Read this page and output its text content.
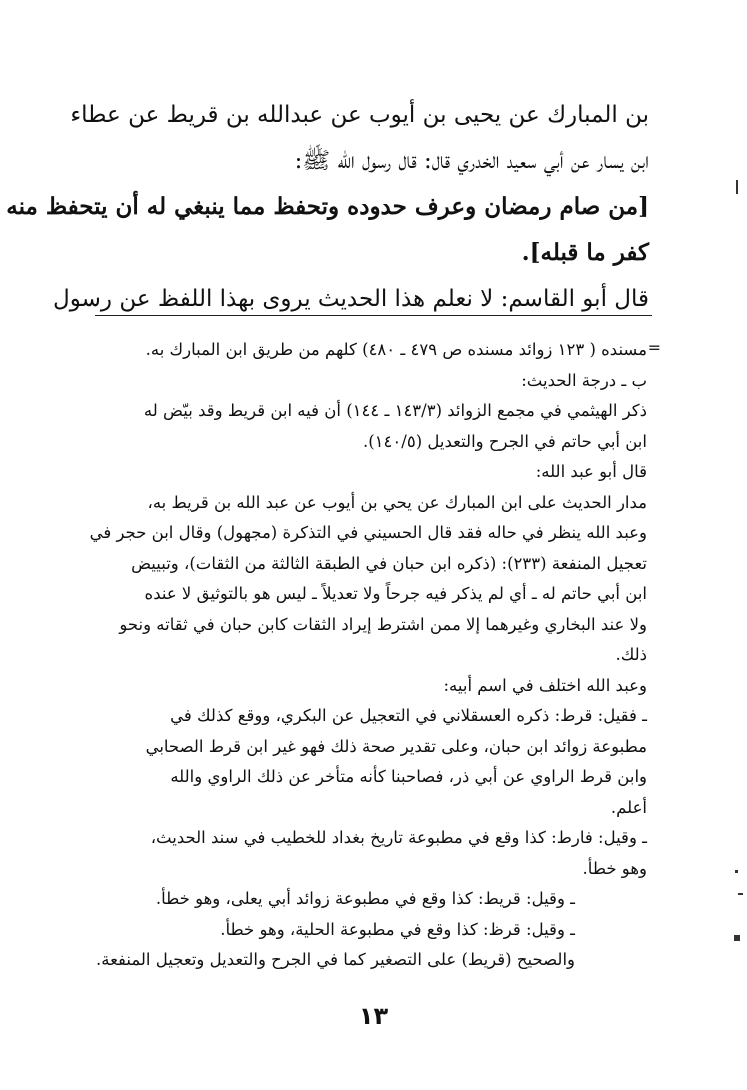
بن المبارك عن يحيى بن أيوب عن عبدالله بن قريط عن عطاء
ابن يسار عن أبي سعيد الخدري قال: قال رسول الله ﷺ:
[من صام رمضان وعرف حدوده وتحفظ مما ينبغي له أن يتحفظ منه
كفر ما قبله].
قال أبو القاسم: لا نعلم هذا الحديث يروى بهذا اللفظ عن رسول
=
مسنده ( ١٢٣ زوائد مسنده ص ٤٧٩ ـ ٤٨٠) كلهم من طريق ابن المبارك به.
ب ـ درجة الحديث:
ذكر الهيثمي في مجمع الزوائد (١٤٣/٣ ـ ١٤٤) أن فيه ابن قريط وقد بيّض له
ابن أبي حاتم في الجرح والتعديل (١٤٠/٥).
قال أبو عبد الله:
مدار الحديث على ابن المبارك عن يحي بن أيوب عن عبد الله بن قريط به،
وعبد الله ينظر في حاله فقد قال الحسيني في التذكرة (مجهول) وقال ابن حجر في
تعجيل المنفعة (٢٣٣): (ذكره ابن حبان في الطبقة الثالثة من الثقات)، وتبييض
ابن أبي حاتم له ـ أي لم يذكر فيه جرحاً ولا تعديلاً ـ ليس هو بالتوثيق لا عنده
ولا عند البخاري وغيرهما إلا ممن اشترط إيراد الثقات كابن حبان في ثقاته ونحو
ذلك.
وعبد الله اختلف في اسم أبيه:
ـ فقيل: قرط: ذكره العسقلاني في التعجيل عن البكري، ووقع كذلك في
مطبوعة زوائد ابن حبان، وعلى تقدير صحة ذلك فهو غير ابن قرط الصحابي
وابن قرط الراوي عن أبي ذر، فصاحبنا كأنه متأخر عن ذلك الراوي والله
أعلم.
ـ وقيل: فارط: كذا وقع في مطبوعة تاريخ بغداد للخطيب في سند الحديث،
وهو خطأ.
ـ وقيل: قريط: كذا وقع في مطبوعة زوائد أبي يعلى، وهو خطأ.
ـ وقيل: قرظ: كذا وقع في مطبوعة الحلية، وهو خطأ.
والصحيح (قريط) على التصغير كما في الجرح والتعديل وتعجيل المنفعة.
١٣
